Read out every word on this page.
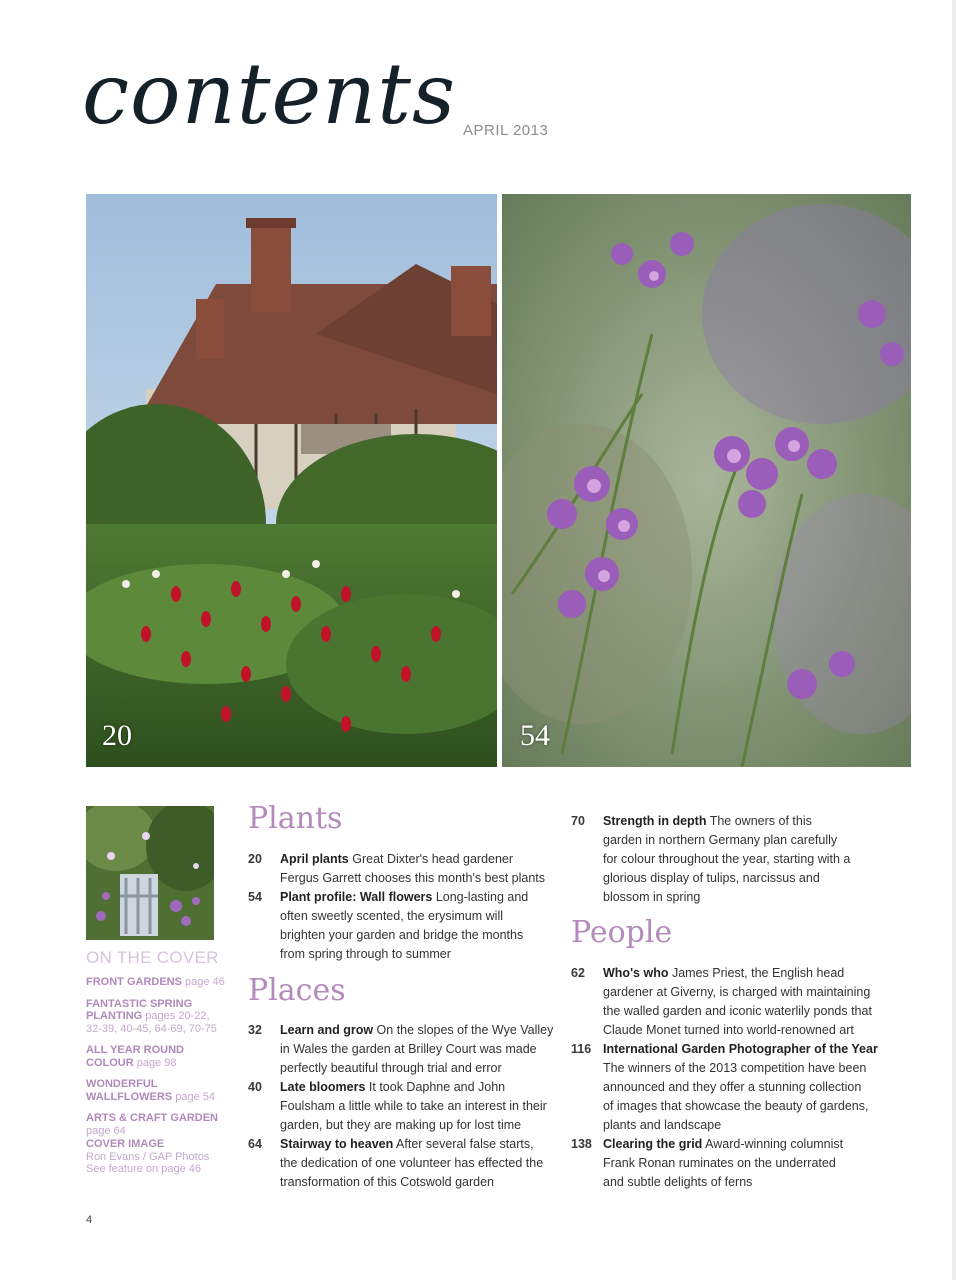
contents APRIL 2013
20	54
ON THE COVER
FRONT GARDENS page 46
FANTASTIC SPRING PLANTING pages 20-22, 32-39, 40-45, 64-69, 70-75
ALL YEAR ROUND COLOUR page 98
WONDERFUL WALLFLOWERS page 54
ARTS & CRAFT GARDEN page 64
COVER IMAGE
Ron Evans / GAP Photos
See feature on page 46
Plants
20 April plants Great Dixter's head gardener
Fergus Garrett chooses this month's best plants
54 Plant profile: Wall flowers Long-lasting and
often sweetly scented, the erysimum will
brighten your garden and bridge the months
from spring through to summer
Places
32 Learn and grow On the slopes of the Wye Valley
in Wales the garden at Brilley Court was made
perfectly beautiful through trial and error
40 Late bloomers It took Daphne and John
Foulsham a little while to take an interest in their
garden, but they are making up for lost time
64 Stairway to heaven After several false starts,
the dedication of one volunteer has effected the
transformation of this Cotswold garden
70 Strength in depth The owners of this
garden in northern Germany plan carefully
for colour throughout the year, starting with a
glorious display of tulips, narcissus and
blossom in spring
People
62 Who's who James Priest, the English head
gardener at Giverny, is charged with maintaining
the walled garden and iconic waterlily ponds that
Claude Monet turned into world-renowned art
116 International Garden Photographer of the Year
The winners of the 2013 competition have been
announced and they offer a stunning collection
of images that showcase the beauty of gardens,
plants and landscape
138 Clearing the grid Award-winning columnist
Frank Ronan ruminates on the underrated
and subtle delights of ferns
4
